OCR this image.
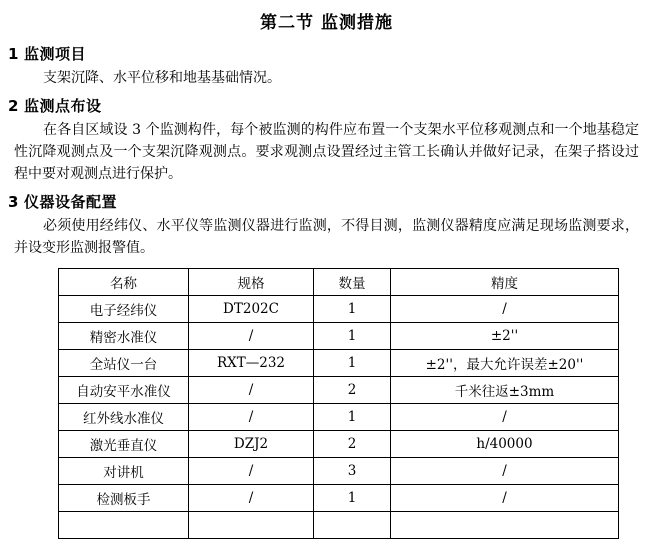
第二节 监测措施
1 监测项目
支架沉降、水平位移和地基基础情况。
2 监测点布设
在各自区域设 3 个监测构件，每个被监测的构件应布置一个支架水平位移观测点和一个地基稳定性沉降观测点及一个支架沉降观测点。要求观测点设置经过主管工长确认并做好记录，在架子搭设过程中要对观测点进行保护。
3 仪器设备配置
必须使用经纬仪、水平仪等监测仪器进行监测，不得目测，监测仪器精度应满足现场监测要求，并设变形监测报警值。
名称	规格	数量	精度
电子经纬仪	DT202C	1	/
精密水准仪	/	1	±2''
全站仪一台	RXT—232	1	±2''，最大允许误差±20''
自动安平水准仪	/	2	千米往返±3mm
红外线水准仪	/	1	/
激光垂直仪	DZJ2	2	h/40000
对讲机	/	3	/
检测板手	/	1	/
